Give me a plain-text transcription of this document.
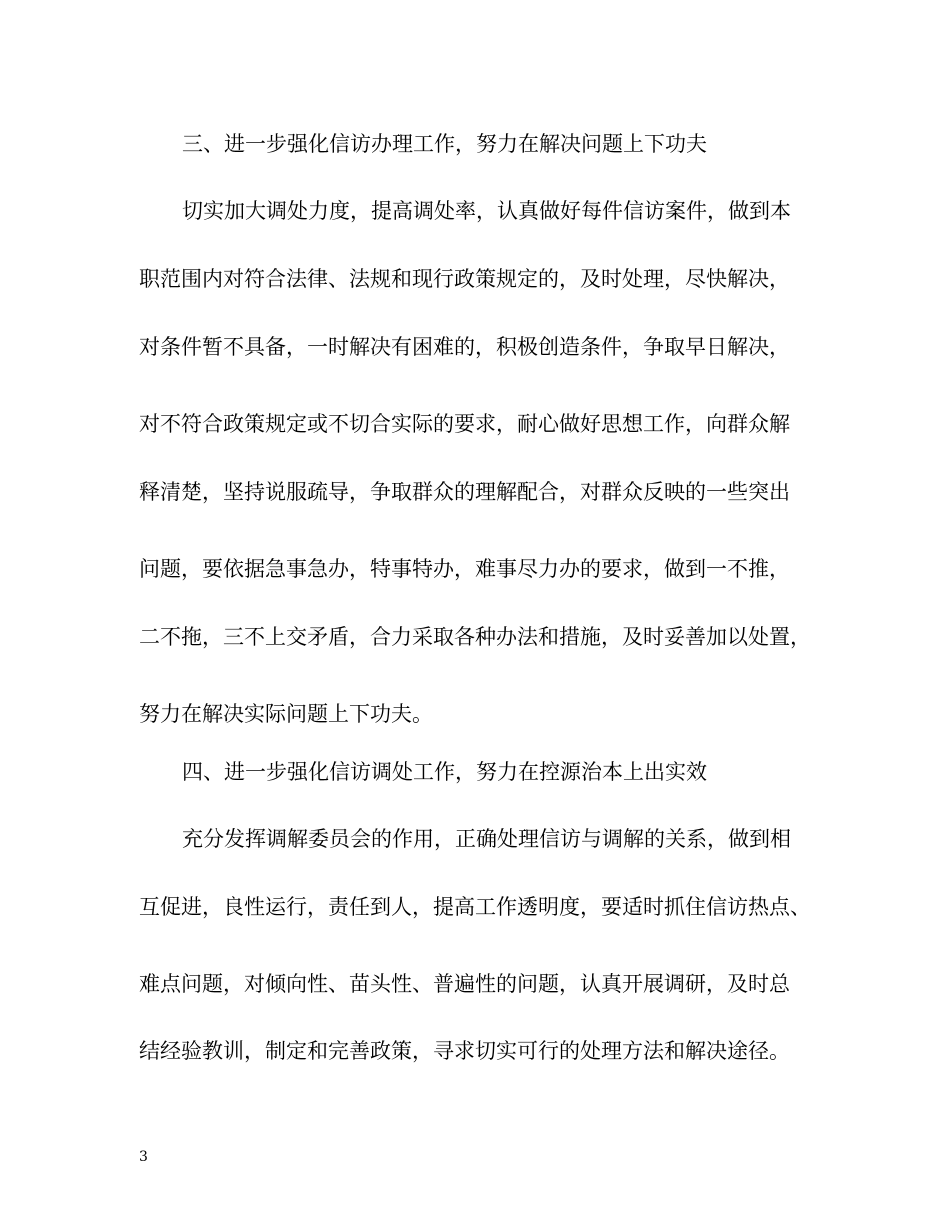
三、进一步强化信访办理工作，努力在解决问题上下功夫

切实加大调处力度，提高调处率，认真做好每件信访案件，做到本

职范围内对符合法律、法规和现行政策规定的，及时处理，尽快解决，

对条件暂不具备，一时解决有困难的，积极创造条件，争取早日解决，

对不符合政策规定或不切合实际的要求，耐心做好思想工作，向群众解

释清楚，坚持说服疏导，争取群众的理解配合，对群众反映的一些突出

问题，要依据急事急办，特事特办，难事尽力办的要求，做到一不推，

二不拖，三不上交矛盾，合力采取各种办法和措施，及时妥善加以处置，

努力在解决实际问题上下功夫。

四、进一步强化信访调处工作，努力在控源治本上出实效

充分发挥调解委员会的作用，正确处理信访与调解的关系，做到相

互促进，良性运行，责任到人，提高工作透明度，要适时抓住信访热点、

难点问题，对倾向性、苗头性、普遍性的问题，认真开展调研，及时总

结经验教训，制定和完善政策，寻求切实可行的处理方法和解决途径。

3
